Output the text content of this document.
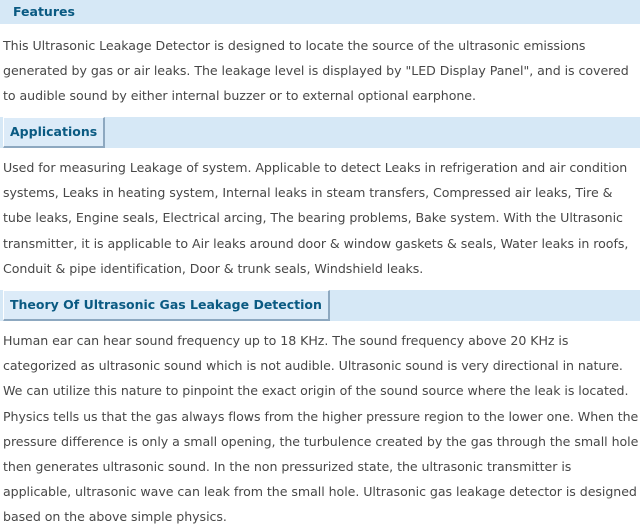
Features

This Ultrasonic Leakage Detector is designed to locate the source of the ultrasonic emissions generated by gas or air leaks. The leakage level is displayed by "LED Display Panel", and is covered to audible sound by either internal buzzer or to external optional earphone.

Applications

Used for measuring Leakage of system. Applicable to detect Leaks in refrigeration and air condition systems, Leaks in heating system, Internal leaks in steam transfers, Compressed air leaks, Tire & tube leaks, Engine seals, Electrical arcing, The bearing problems, Bake system. With the Ultrasonic transmitter, it is applicable to Air leaks around door & window gaskets & seals, Water leaks in roofs, Conduit & pipe identification, Door & trunk seals, Windshield leaks.

Theory Of Ultrasonic Gas Leakage Detection

Human ear can hear sound frequency up to 18 KHz. The sound frequency above 20 KHz is categorized as ultrasonic sound which is not audible. Ultrasonic sound is very directional in nature. We can utilize this nature to pinpoint the exact origin of the sound source where the leak is located. Physics tells us that the gas always flows from the higher pressure region to the lower one. When the pressure difference is only a small opening, the turbulence created by the gas through the small hole then generates ultrasonic sound. In the non pressurized state, the ultrasonic transmitter is applicable, ultrasonic wave can leak from the small hole. Ultrasonic gas leakage detector is designed based on the above simple physics.
